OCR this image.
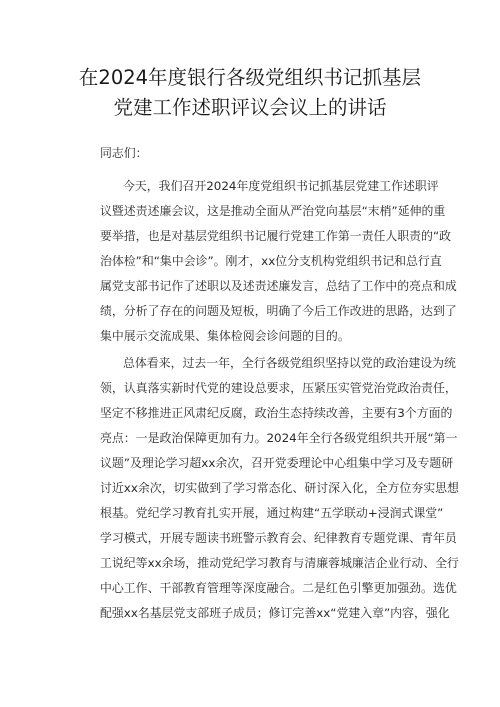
在2024年度银行各级党组织书记抓基层
党建工作述职评议会议上的讲话
同志们：
今天，我们召开2024年度党组织书记抓基层党建工作述职评
议暨述责述廉会议，这是推动全面从严治党向基层“末梢”延伸的重
要举措，也是对基层党组织书记履行党建工作第一责任人职责的“政
治体检”和“集中会诊”。刚才，xx位分支机构党组织书记和总行直
属党支部书记作了述职以及述责述廉发言，总结了工作中的亮点和成
绩，分析了存在的问题及短板，明确了今后工作改进的思路，达到了
集中展示交流成果、集体检阅会诊问题的目的。
总体看来，过去一年，全行各级党组织坚持以党的政治建设为统
领，认真落实新时代党的建设总要求，压紧压实管党治党政治责任，
坚定不移推进正风肃纪反腐，政治生态持续改善，主要有3个方面的
亮点：一是政治保障更加有力。2024年全行各级党组织共开展“第一
议题”及理论学习超xx余次，召开党委理论中心组集中学习及专题研
讨近xx余次，切实做到了学习常态化、研讨深入化，全方位夯实思想
根基。党纪学习教育扎实开展，通过构建“五学联动+浸润式课堂”
学习模式，开展专题读书班警示教育会、纪律教育专题党课、青年员
工说纪等xx余场，推动党纪学习教育与清廉蓉城廉洁企业行动、全行
中心工作、干部教育管理等深度融合。二是红色引擎更加强劲。选优
配强xx名基层党支部班子成员；修订完善xx“党建入章”内容，强化
